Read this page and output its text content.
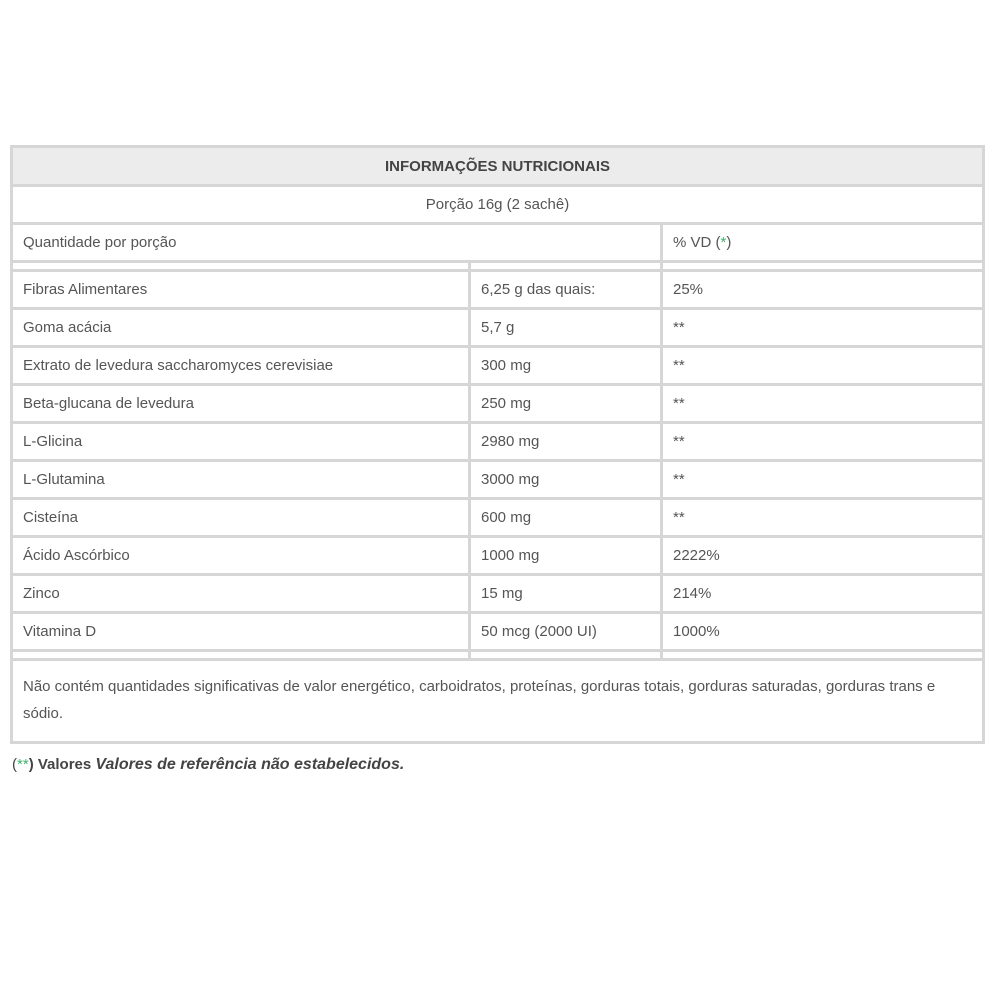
INFORMAÇÕES NUTRICIONAIS
Porção 16g (2 sachê)
Quantidade por porção	% VD ( * )
Fibras Alimentares	6,25 g das quais:	25%
Goma acácia	5,7 g	**
Extrato de levedura saccharomyces cerevisiae	300 mg	**
Beta-glucana de levedura	250 mg	**
L-Glicina	2980 mg	**
L-Glutamina	3000 mg	**
Cisteína	600 mg	**
Ácido Ascórbico	1000 mg	2222%
Zinco	15 mg	214%
Vitamina D	50 mcg (2000 UI)	1000%
Não contém quantidades significativas de valor energético, carboidratos, proteínas, gorduras totais, gorduras saturadas, gorduras trans e sódio.
(**) Valores Valores de referência não estabelecidos.
